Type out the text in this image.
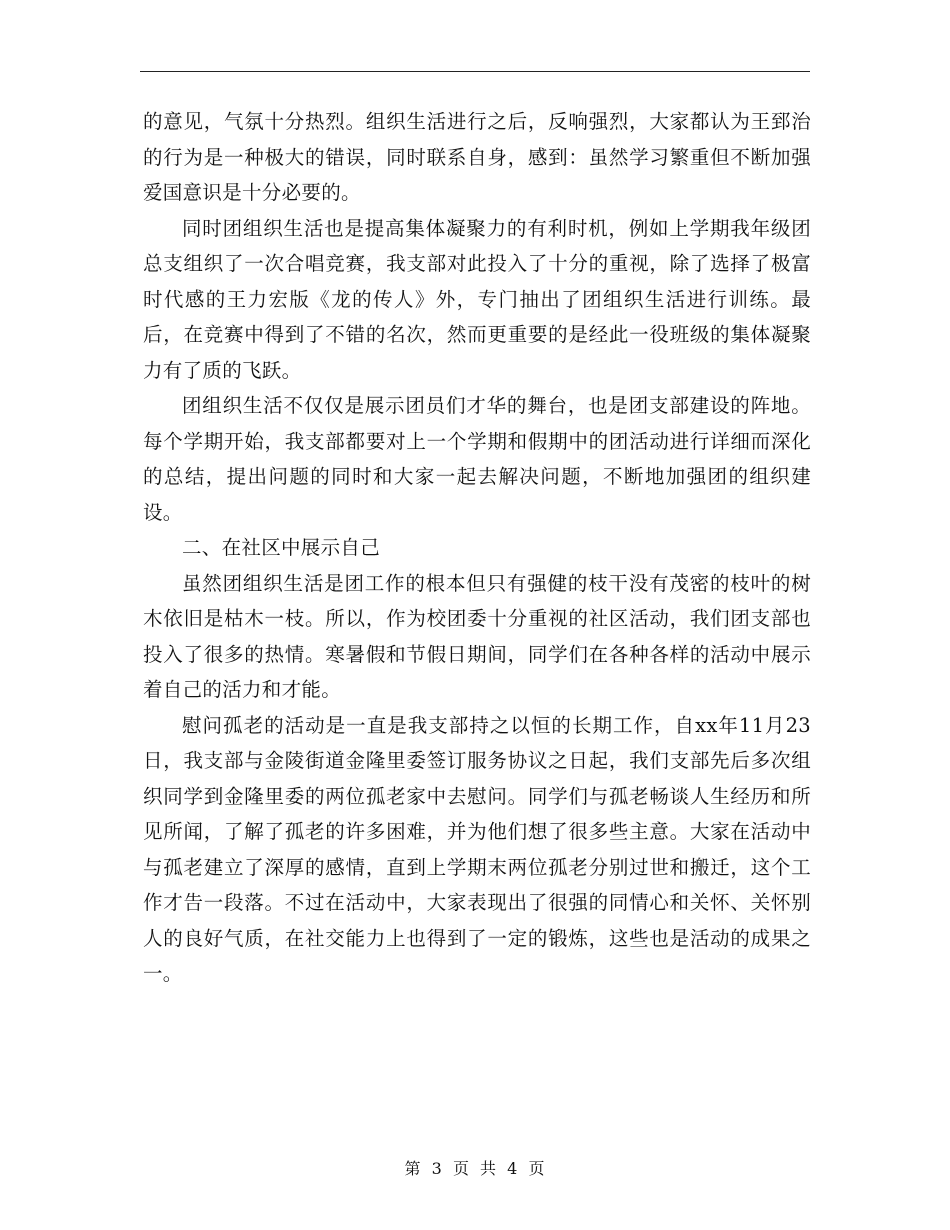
的意见，气氛十分热烈。组织生活进行之后，反响强烈，大家都认为王郅治的行为是一种极大的错误，同时联系自身，感到：虽然学习繁重但不断加强爱国意识是十分必要的。

同时团组织生活也是提高集体凝聚力的有利时机，例如上学期我年级团总支组织了一次合唱竞赛，我支部对此投入了十分的重视，除了选择了极富时代感的王力宏版《龙的传人》外，专门抽出了团组织生活进行训练。最后，在竞赛中得到了不错的名次，然而更重要的是经此一役班级的集体凝聚力有了质的飞跃。

团组织生活不仅仅是展示团员们才华的舞台，也是团支部建设的阵地。每个学期开始，我支部都要对上一个学期和假期中的团活动进行详细而深化的总结，提出问题的同时和大家一起去解决问题，不断地加强团的组织建设。

二、在社区中展示自己

虽然团组织生活是团工作的根本但只有强健的枝干没有茂密的枝叶的树木依旧是枯木一枝。所以，作为校团委十分重视的社区活动，我们团支部也投入了很多的热情。寒暑假和节假日期间，同学们在各种各样的活动中展示着自己的活力和才能。

慰问孤老的活动是一直是我支部持之以恒的长期工作，自xx年11月23日，我支部与金陵街道金隆里委签订服务协议之日起，我们支部先后多次组织同学到金隆里委的两位孤老家中去慰问。同学们与孤老畅谈人生经历和所见所闻，了解了孤老的许多困难，并为他们想了很多些主意。大家在活动中与孤老建立了深厚的感情，直到上学期末两位孤老分别过世和搬迁，这个工作才告一段落。不过在活动中，大家表现出了很强的同情心和关怀、关怀别人的良好气质，在社交能力上也得到了一定的锻炼，这些也是活动的成果之一。

第 3 页 共 4 页
